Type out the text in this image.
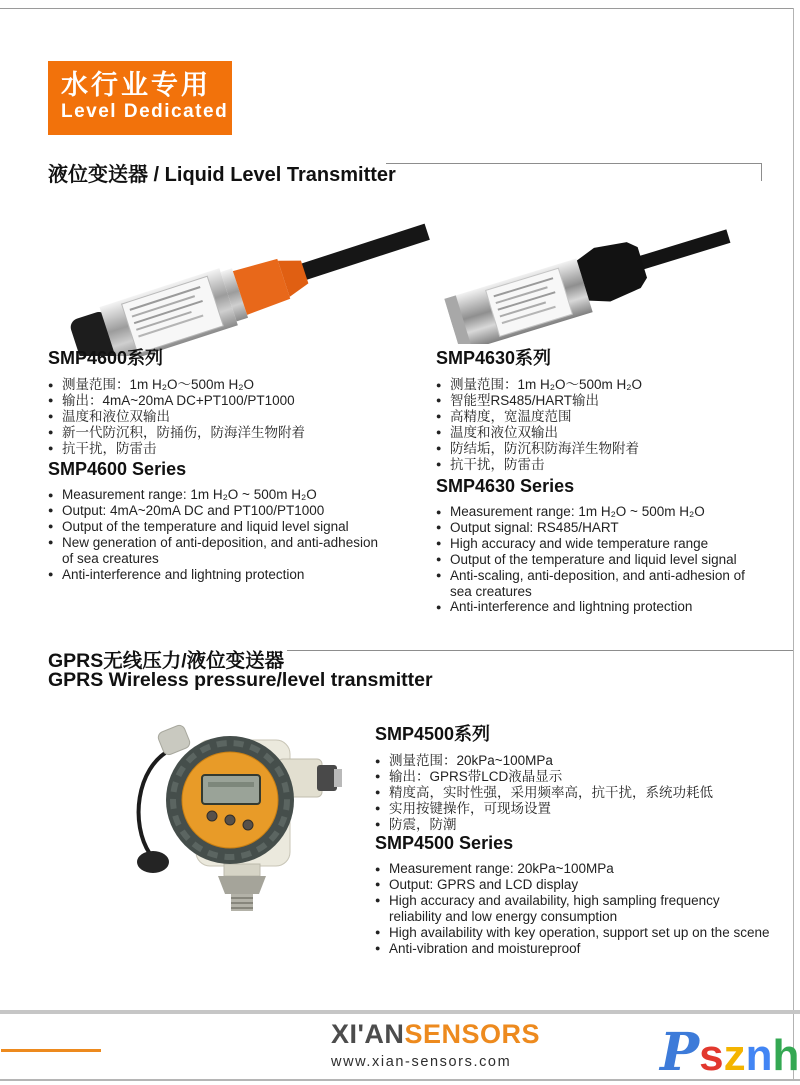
水行业专用
Level Dedicated
液位变送器 / Liquid Level Transmitter
SMP4600系列
● 测量范围：1m H₂O～500m H₂O
● 输出：4mA~20mA DC+PT100/PT1000
● 温度和液位双输出
● 新一代防沉积，防捅伤，防海洋生物附着
● 抗干扰，防雷击
SMP4600 Series
● Measurement range: 1m H₂O ~ 500m H₂O
● Output: 4mA~20mA DC and PT100/PT1000
● Output of the temperature and liquid level signal
● New generation of anti-deposition, and anti-adhesion of sea creatures
● Anti-interference and lightning protection
SMP4630系列
● 测量范围：1m H₂O～500m H₂O
● 智能型RS485/HART输出
● 高精度，宽温度范围
● 温度和液位双输出
● 防结垢，防沉积防海洋生物附着
● 抗干扰，防雷击
SMP4630 Series
● Measurement range: 1m H₂O ~ 500m H₂O
● Output signal: RS485/HART
● High accuracy and wide temperature range
● Output of the temperature and liquid level signal
● Anti-scaling, anti-deposition, and anti-adhesion of sea creatures
● Anti-interference and lightning protection
GPRS无线压力/液位变送器
GPRS Wireless pressure/level transmitter
SMP4500系列
● 测量范围：20kPa~100MPa
● 输出：GPRS带LCD液晶显示
● 精度高，实时性强，采用频率高，抗干扰，系统功耗低
● 实用按键操作，可现场设置
● 防震，防潮
SMP4500 Series
● Measurement range: 20kPa~100MPa
● Output: GPRS and LCD display
● High accuracy and availability, high sampling frequency reliability and low energy consumption
● High availability with key operation, support set up on the scene
● Anti-vibration and moistureproof
XI'ANSENSORS
www.xian-sensors.com	Psznh
